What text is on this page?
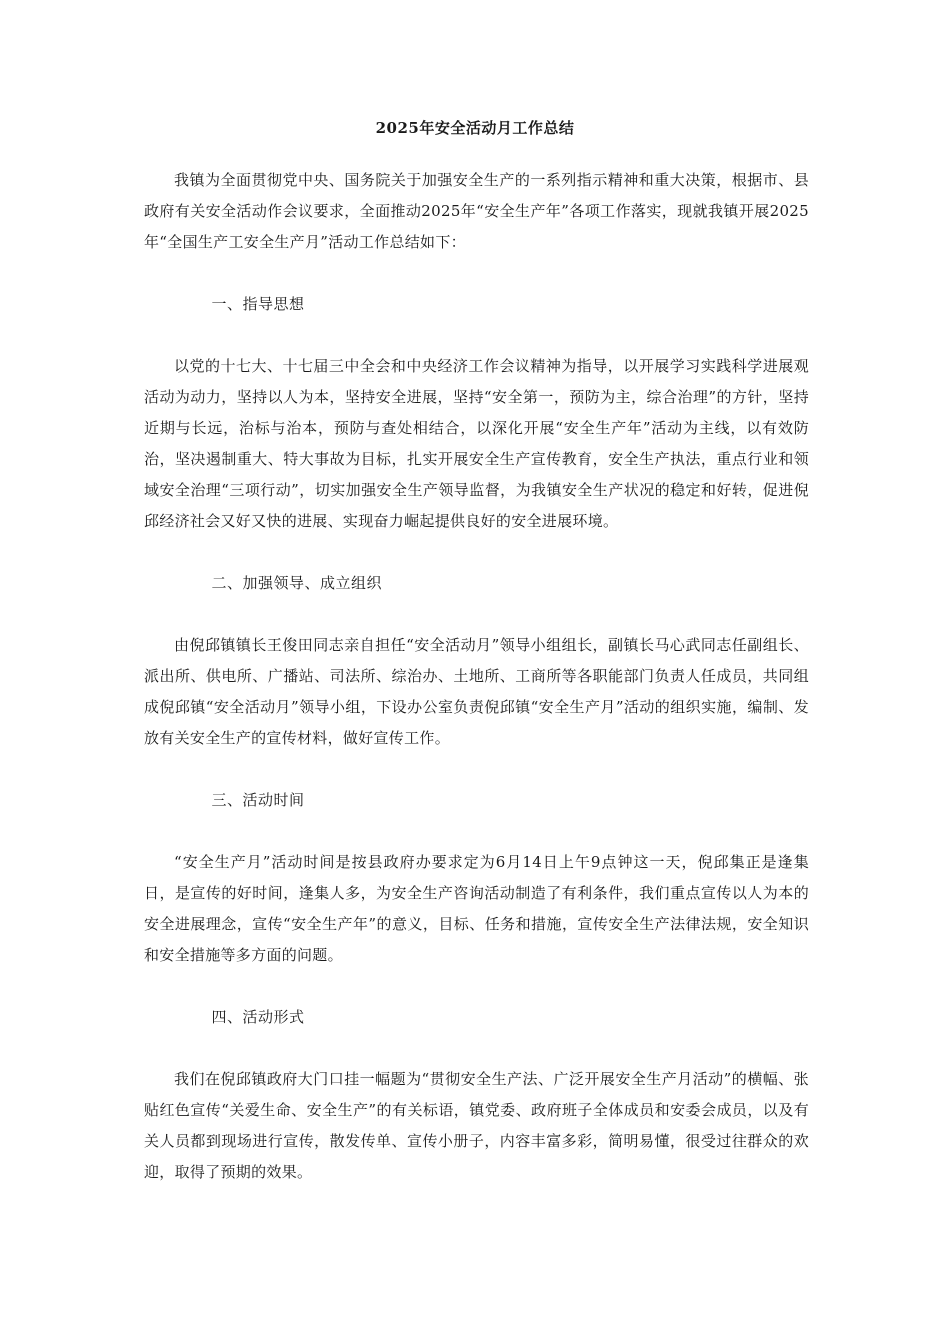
2025年安全活动月工作总结

我镇为全面贯彻党中央、国务院关于加强安全生产的一系列指示精神和重大决策，根据市、县政府有关安全活动作会议要求，全面推动2025年“安全生产年”各项工作落实，现就我镇开展2025年“全国生产工安全生产月”活动工作总结如下：

一、指导思想

以党的十七大、十七届三中全会和中央经济工作会议精神为指导，以开展学习实践科学进展观活动为动力，坚持以人为本，坚持安全进展，坚持“安全第一，预防为主，综合治理”的方针，坚持近期与长远，治标与治本，预防与查处相结合，以深化开展“安全生产年”活动为主线，以有效防治，坚决遏制重大、特大事故为目标，扎实开展安全生产宣传教育，安全生产执法，重点行业和领域安全治理“三项行动”，切实加强安全生产领导监督，为我镇安全生产状况的稳定和好转，促进倪邱经济社会又好又快的进展、实现奋力崛起提供良好的安全进展环境。

二、加强领导、成立组织

由倪邱镇镇长王俊田同志亲自担任“安全活动月”领导小组组长，副镇长马心武同志任副组长、派出所、供电所、广播站、司法所、综治办、土地所、工商所等各职能部门负责人任成员，共同组成倪邱镇“安全活动月”领导小组，下设办公室负责倪邱镇“安全生产月”活动的组织实施，编制、发放有关安全生产的宣传材料，做好宣传工作。

三、活动时间

“安全生产月”活动时间是按县政府办要求定为6月14日上午9点钟这一天，倪邱集正是逢集日，是宣传的好时间，逢集人多，为安全生产咨询活动制造了有利条件，我们重点宣传以人为本的安全进展理念，宣传“安全生产年”的意义，目标、任务和措施，宣传安全生产法律法规，安全知识和安全措施等多方面的问题。

四、活动形式

我们在倪邱镇政府大门口挂一幅题为“贯彻安全生产法、广泛开展安全生产月活动”的横幅、张贴红色宣传“关爱生命、安全生产”的有关标语，镇党委、政府班子全体成员和安委会成员，以及有关人员都到现场进行宣传，散发传单、宣传小册子，内容丰富多彩，简明易懂，很受过往群众的欢迎，取得了预期的效果。
